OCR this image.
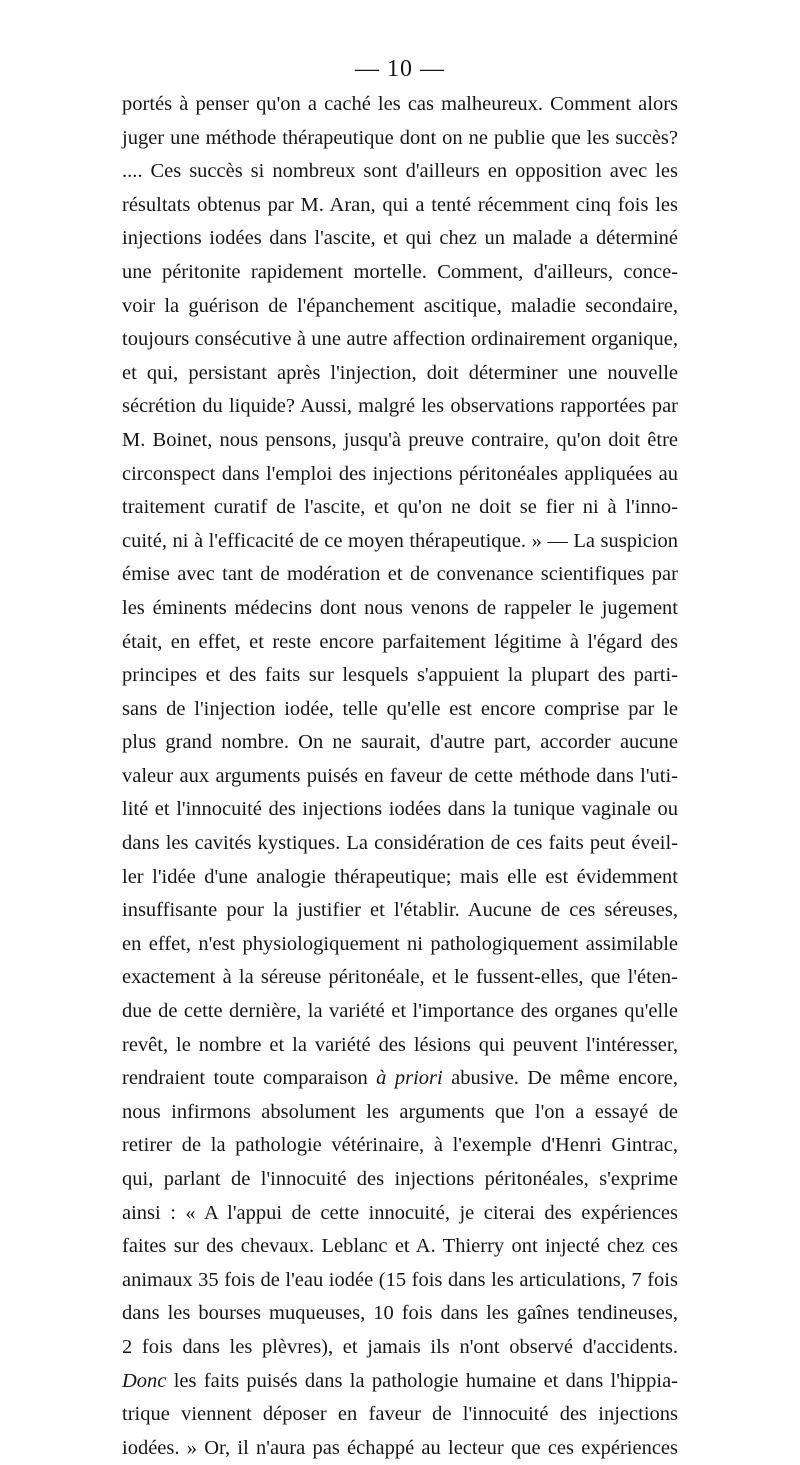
— 10 —
portés à penser qu'on a caché les cas malheureux. Comment alors
juger une méthode thérapeutique dont on ne publie que les succès?
.... Ces succès si nombreux sont d'ailleurs en opposition avec les
résultats obtenus par M. Aran, qui a tenté récemment cinq fois les
injections iodées dans l'ascite, et qui chez un malade a déterminé
une péritonite rapidement mortelle. Comment, d'ailleurs, conce-
voir la guérison de l'épanchement ascitique, maladie secondaire,
toujours consécutive à une autre affection ordinairement organique,
et qui, persistant après l'injection, doit déterminer une nouvelle
sécrétion du liquide? Aussi, malgré les observations rapportées par
M. Boinet, nous pensons, jusqu'à preuve contraire, qu'on doit être
circonspect dans l'emploi des injections péritonéales appliquées au
traitement curatif de l'ascite, et qu'on ne doit se fier ni à l'inno-
cuité, ni à l'efficacité de ce moyen thérapeutique. » — La suspicion
émise avec tant de modération et de convenance scientifiques par
les éminents médecins dont nous venons de rappeler le jugement
était, en effet, et reste encore parfaitement légitime à l'égard des
principes et des faits sur lesquels s'appuient la plupart des parti-
sans de l'injection iodée, telle qu'elle est encore comprise par le
plus grand nombre. On ne saurait, d'autre part, accorder aucune
valeur aux arguments puisés en faveur de cette méthode dans l'uti-
lité et l'innocuité des injections iodées dans la tunique vaginale ou
dans les cavités kystiques. La considération de ces faits peut éveil-
ler l'idée d'une analogie thérapeutique; mais elle est évidemment
insuffisante pour la justifier et l'établir. Aucune de ces séreuses,
en effet, n'est physiologiquement ni pathologiquement assimilable
exactement à la séreuse péritonéale, et le fussent-elles, que l'éten-
due de cette dernière, la variété et l'importance des organes qu'elle
revêt, le nombre et la variété des lésions qui peuvent l'intéresser,
rendraient toute comparaison à priori abusive. De même encore,
nous infirmons absolument les arguments que l'on a essayé de
retirer de la pathologie vétérinaire, à l'exemple d'Henri Gintrac,
qui, parlant de l'innocuité des injections péritonéales, s'exprime
ainsi : « A l'appui de cette innocuité, je citerai des expériences
faites sur des chevaux. Leblanc et A. Thierry ont injecté chez ces
animaux 35 fois de l'eau iodée (15 fois dans les articulations, 7 fois
dans les bourses muqueuses, 10 fois dans les gaînes tendineuses,
2 fois dans les plèvres), et jamais ils n'ont observé d'accidents.
Donc les faits puisés dans la pathologie humaine et dans l'hippia-
trique viennent déposer en faveur de l'innocuité des injections
iodées. » Or, il n'aura pas échappé au lecteur que ces expériences
